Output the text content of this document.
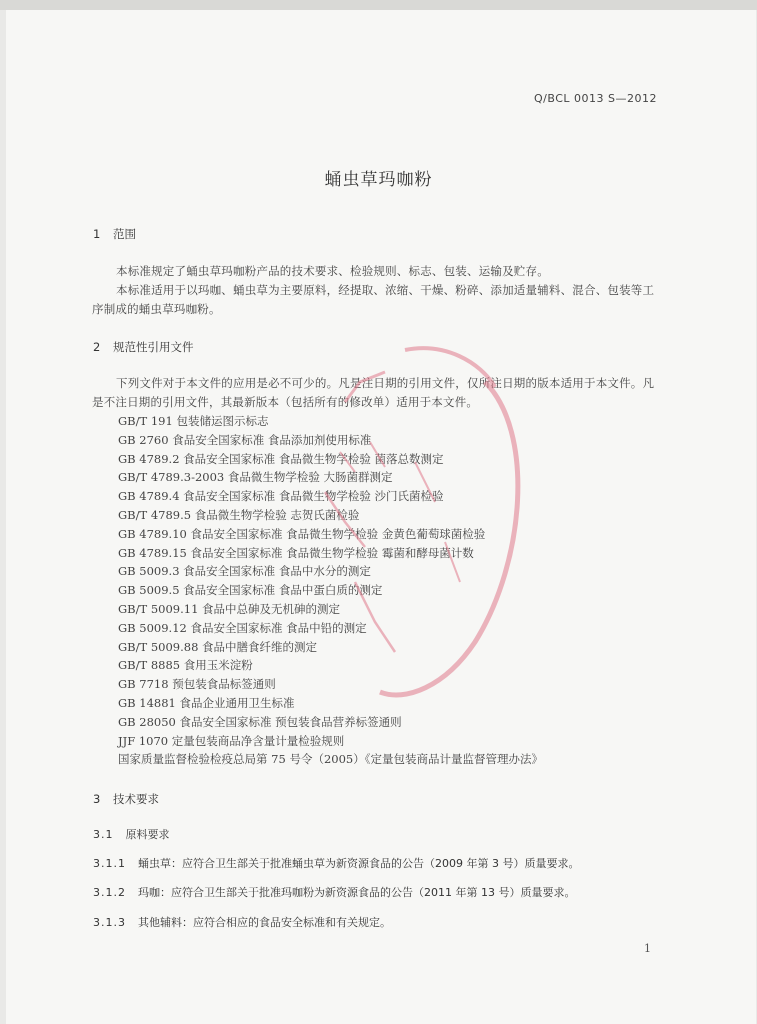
Q/BCL 0013 S—2012
蛹虫草玛咖粉
1 范围
本标准规定了蛹虫草玛咖粉产品的技术要求、检验规则、标志、包装、运输及贮存。
本标准适用于以玛咖、蛹虫草为主要原料，经提取、浓缩、干燥、粉碎、添加适量辅料、混合、包装等工序制成的蛹虫草玛咖粉。
2 规范性引用文件
下列文件对于本文件的应用是必不可少的。凡是注日期的引用文件，仅所注日期的版本适用于本文件。凡是不注日期的引用文件，其最新版本（包括所有的修改单）适用于本文件。
GB/T 191 包装储运图示标志
GB 2760 食品安全国家标准 食品添加剂使用标准
GB 4789.2 食品安全国家标准 食品微生物学检验 菌落总数测定
GB/T 4789.3-2003 食品微生物学检验 大肠菌群测定
GB 4789.4 食品安全国家标准 食品微生物学检验 沙门氏菌检验
GB/T 4789.5 食品微生物学检验 志贺氏菌检验
GB 4789.10 食品安全国家标准 食品微生物学检验 金黄色葡萄球菌检验
GB 4789.15 食品安全国家标准 食品微生物学检验 霉菌和酵母菌计数
GB 5009.3 食品安全国家标准 食品中水分的测定
GB 5009.5 食品安全国家标准 食品中蛋白质的测定
GB/T 5009.11 食品中总砷及无机砷的测定
GB 5009.12 食品安全国家标准 食品中铅的测定
GB/T 5009.88 食品中膳食纤维的测定
GB/T 8885 食用玉米淀粉
GB 7718 预包装食品标签通则
GB 14881 食品企业通用卫生标准
GB 28050 食品安全国家标准 预包装食品营养标签通则
JJF 1070 定量包装商品净含量计量检验规则
国家质量监督检验检疫总局第 75 号令（2005）《定量包装商品计量监督管理办法》
3 技术要求
3.1 原料要求
3.1.1 蛹虫草：应符合卫生部关于批准蛹虫草为新资源食品的公告（2009 年第 3 号）质量要求。
3.1.2 玛咖：应符合卫生部关于批准玛咖粉为新资源食品的公告（2011 年第 13 号）质量要求。
3.1.3 其他辅料：应符合相应的食品安全标准和有关规定。
1
